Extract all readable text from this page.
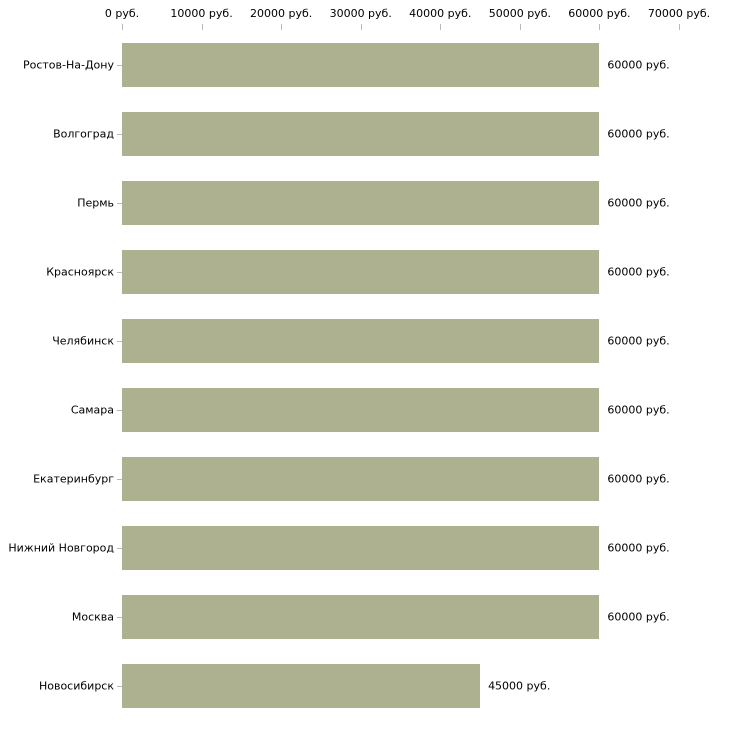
0 руб.	10000 руб. 20000 руб. 30000 руб. 40000 руб. 50000 руб. 60000 руб. 70000 руб.
Ростов-На-Дону
Волгоград
Пермь
Красноярск
Челябинск
Самара
Екатеринбург
Нижний Новгород
Москва
Новосибирск
60000 руб.
60000 руб.
60000 руб.
60000 руб.
60000 руб.
60000 руб.
60000 руб.
60000 руб.
60000 руб.
45000 руб.
